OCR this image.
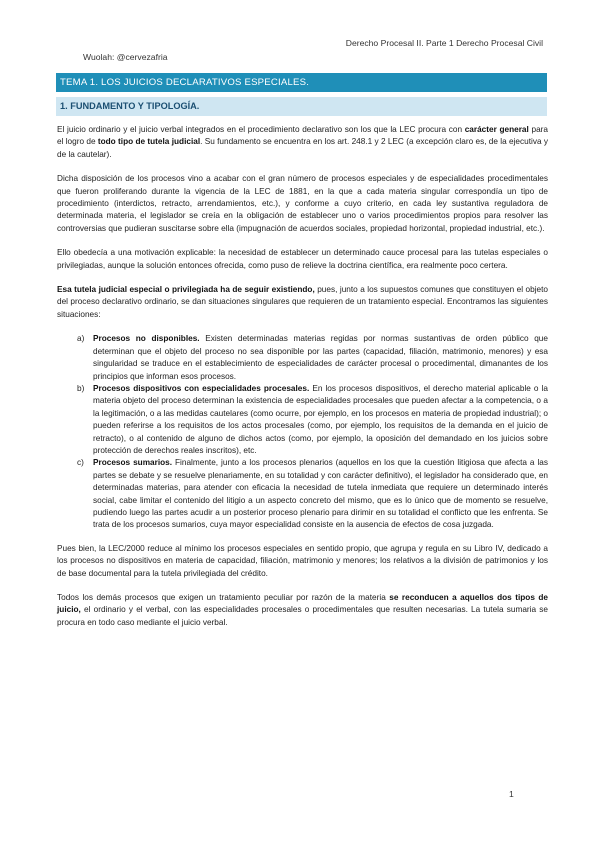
Derecho Procesal II. Parte 1 Derecho Procesal Civil
Wuolah: @cervezafria
TEMA 1. LOS JUICIOS DECLARATIVOS ESPECIALES.
1. FUNDAMENTO Y TIPOLOGÍA.

El juicio ordinario y el juicio verbal integrados en el procedimiento declarativo son los que la LEC procura con carácter general para el logro de todo tipo de tutela judicial. Su fundamento se encuentra en los art. 248.1 y 2 LEC (a excepción claro es, de la ejecutiva y de la cautelar).

Dicha disposición de los procesos vino a acabar con el gran número de procesos especiales y de especialidades procedimentales que fueron proliferando durante la vigencia de la LEC de 1881, en la que a cada materia singular correspondía un tipo de procedimiento (interdictos, retracto, arrendamientos, etc.), y conforme a cuyo criterio, en cada ley sustantiva reguladora de determinada materia, el legislador se creía en la obligación de establecer uno o varios procedimientos propios para resolver las controversias que pudieran suscitarse sobre ella (impugnación de acuerdos sociales, propiedad horizontal, propiedad industrial, etc.).

Ello obedecía a una motivación explicable: la necesidad de establecer un determinado cauce procesal para las tutelas especiales o privilegiadas, aunque la solución entonces ofrecida, como puso de relieve la doctrina científica, era realmente poco certera.

Esa tutela judicial especial o privilegiada ha de seguir existiendo, pues, junto a los supuestos comunes que constituyen el objeto del proceso declarativo ordinario, se dan situaciones singulares que requieren de un tratamiento especial. Encontramos las siguientes situaciones:

a) Procesos no disponibles. Existen determinadas materias regidas por normas sustantivas de orden público que determinan que el objeto del proceso no sea disponible por las partes (capacidad, filiación, matrimonio, menores) y esa singularidad se traduce en el establecimiento de especialidades de carácter procesal o procedimental, dimanantes de los principios que informan esos procesos.
b) Procesos dispositivos con especialidades procesales. En los procesos dispositivos, el derecho material aplicable o la materia objeto del proceso determinan la existencia de especialidades procesales que pueden afectar a la competencia, o a la legitimación, o a las medidas cautelares (como ocurre, por ejemplo, en los procesos en materia de propiedad industrial); o pueden referirse a los requisitos de los actos procesales (como, por ejemplo, los requisitos de la demanda en el juicio de retracto), o al contenido de alguno de dichos actos (como, por ejemplo, la oposición del demandado en los juicios sobre protección de derechos reales inscritos), etc.
c) Procesos sumarios. Finalmente, junto a los procesos plenarios (aquellos en los que la cuestión litigiosa que afecta a las partes se debate y se resuelve plenariamente, en su totalidad y con carácter definitivo), el legislador ha considerado que, en determinadas materias, para atender con eficacia la necesidad de tutela inmediata que requiere un determinado interés social, cabe limitar el contenido del litigio a un aspecto concreto del mismo, que es lo único que de momento se resuelve, pudiendo luego las partes acudir a un posterior proceso plenario para dirimir en su totalidad el conflicto que les enfrenta. Se trata de los procesos sumarios, cuya mayor especialidad consiste en la ausencia de efectos de cosa juzgada.

Pues bien, la LEC/2000 reduce al mínimo los procesos especiales en sentido propio, que agrupa y regula en su Libro IV, dedicado a los procesos no dispositivos en materia de capacidad, filiación, matrimonio y menores; los relativos a la división de patrimonios y los de base documental para la tutela privilegiada del crédito.

Todos los demás procesos que exigen un tratamiento peculiar por razón de la materia se reconducen a aquellos dos tipos de juicio, el ordinario y el verbal, con las especialidades procesales o procedimentales que resulten necesarias. La tutela sumaria se procura en todo caso mediante el juicio verbal.

1
